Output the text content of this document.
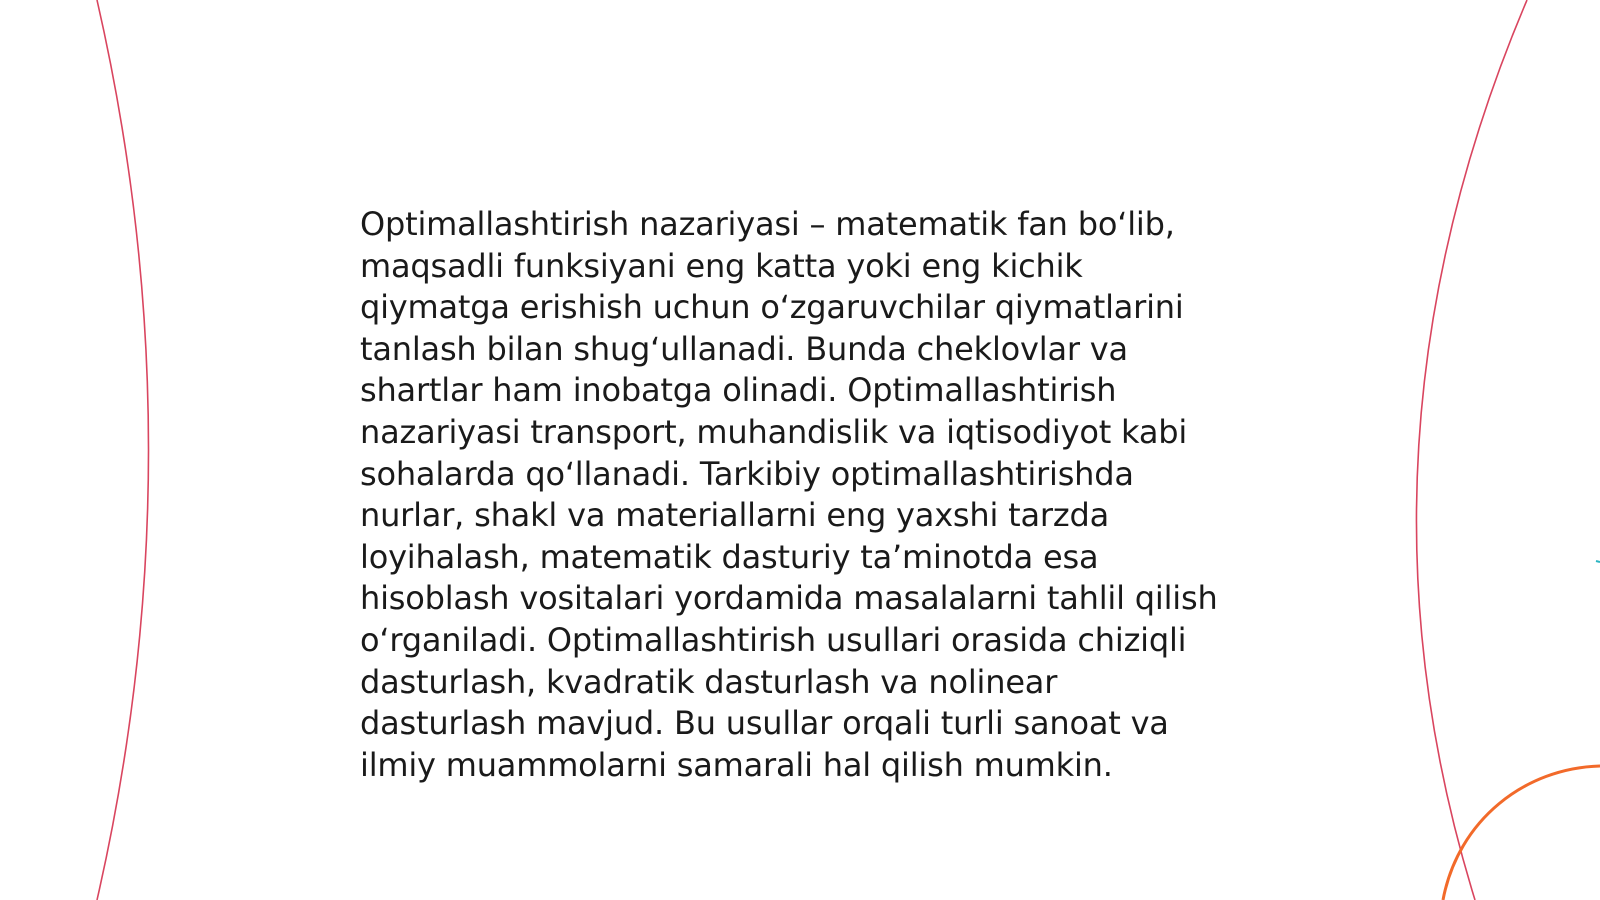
Optimallashtirish nazariyasi – matematik fan boʻlib,
maqsadli funksiyani eng katta yoki eng kichik
qiymatga erishish uchun oʻzgaruvchilar qiymatlarini
tanlash bilan shugʻullanadi. Bunda cheklovlar va
shartlar ham inobatga olinadi. Optimallashtirish
nazariyasi transport, muhandislik va iqtisodiyot kabi
sohalarda qoʻllanadi. Tarkibiy optimallashtirishda
nurlar, shakl va materiallarni eng yaxshi tarzda
loyihalash, matematik dasturiy taʼminotda esa
hisoblash vositalari yordamida masalalarni tahlil qilish
oʻrganiladi. Optimallashtirish usullari orasida chiziqli
dasturlash, kvadratik dasturlash va nolinear
dasturlash mavjud. Bu usullar orqali turli sanoat va
ilmiy muammolarni samarali hal qilish mumkin.
